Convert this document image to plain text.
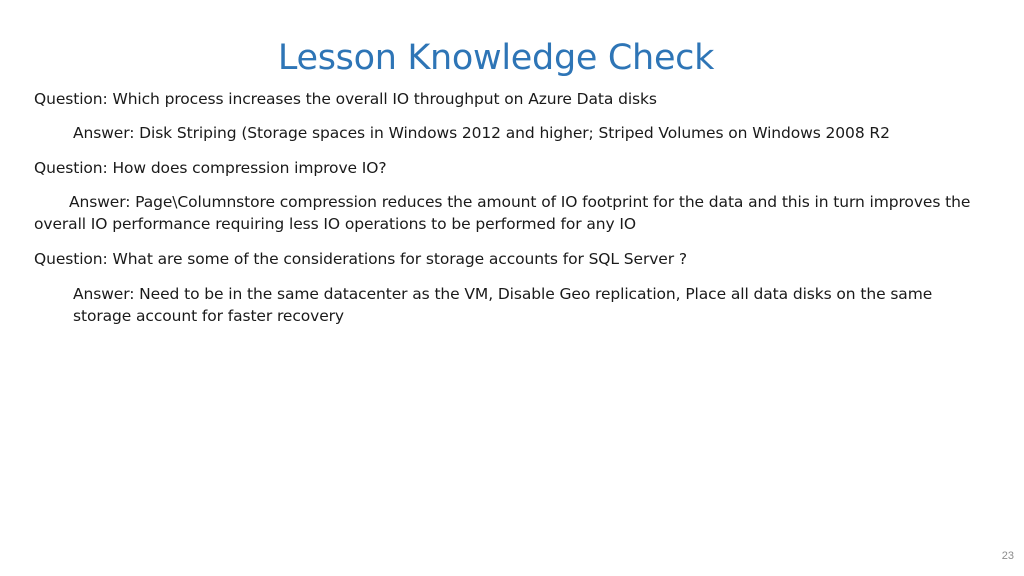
Lesson Knowledge Check
Question: Which process increases the overall IO throughput on Azure Data disks
Answer: Disk Striping (Storage spaces in Windows 2012 and higher; Striped Volumes on Windows 2008 R2
Question: How does compression improve IO?
Answer: Page\Columnstore compression reduces the amount of IO footprint for the data and this in turn improves the overall IO performance requiring less IO operations to be performed for any IO
Question: What are some of the considerations for storage accounts for SQL Server ?
Answer: Need to be in the same datacenter as the VM, Disable Geo replication, Place all data disks on the same storage account for faster recovery
23
